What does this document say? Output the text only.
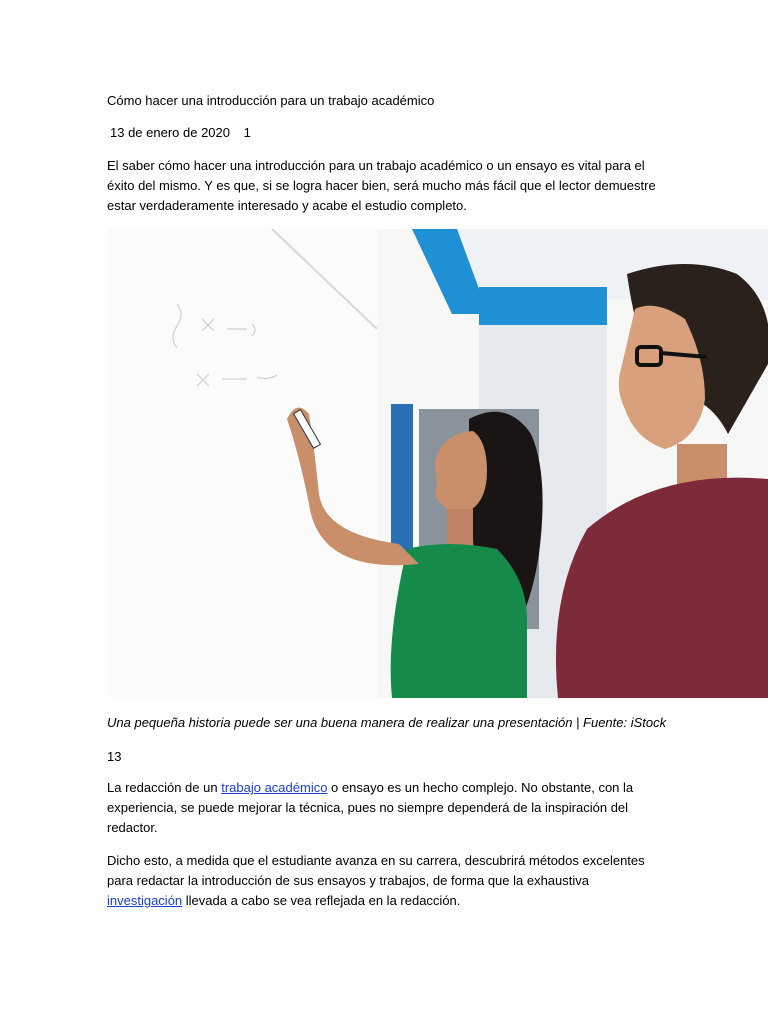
Cómo hacer una introducción para un trabajo académico
13 de enero de 2020 1
El saber cómo hacer una introducción para un trabajo académico o un ensayo es vital para el éxito del mismo. Y es que, si se logra hacer bien, será mucho más fácil que el lector demuestre estar verdaderamente interesado y acabe el estudio completo.
Una pequeña historia puede ser una buena manera de realizar una presentación | Fuente: iStock
13
La redacción de un trabajo académico o ensayo es un hecho complejo. No obstante, con la experiencia, se puede mejorar la técnica, pues no siempre dependerá de la inspiración del redactor.
Dicho esto, a medida que el estudiante avanza en su carrera, descubrirá métodos excelentes para redactar la introducción de sus ensayos y trabajos, de forma que la exhaustiva investigación llevada a cabo se vea reflejada en la redacción.
